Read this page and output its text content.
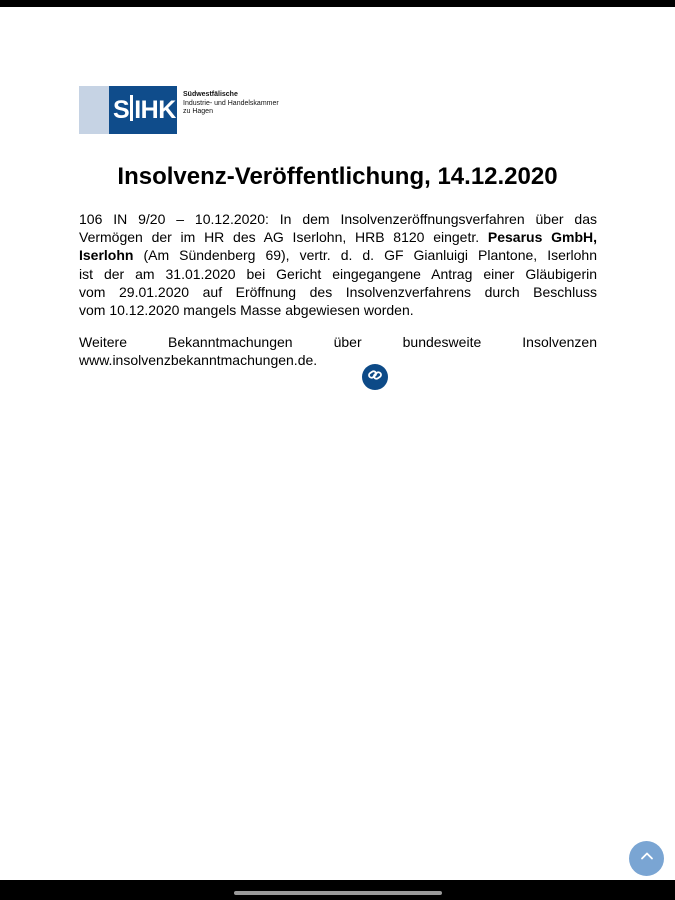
S IHK
Südwestfälische
Industrie- und Handelskammer
zu Hagen
Insolvenz-Veröffentlichung, 14.12.2020
106 IN 9/20 – 10.12.2020: In dem Insolvenzeröffnungsverfahren über das
Vermögen der im HR des AG Iserlohn, HRB 8120 eingetr. Pesarus GmbH,
Iserlohn (Am Sündenberg 69), vertr. d. d. GF Gianluigi Plantone, Iserlohn
ist der am 31.01.2020 bei Gericht eingegangene Antrag einer Gläubigerin
vom 29.01.2020 auf Eröffnung des Insolvenzverfahrens durch Beschluss
vom 10.12.2020 mangels Masse abgewiesen worden.
Weitere Bekanntmachungen über bundesweite Insolvenzen
www.insolvenzbekanntmachungen.de.
